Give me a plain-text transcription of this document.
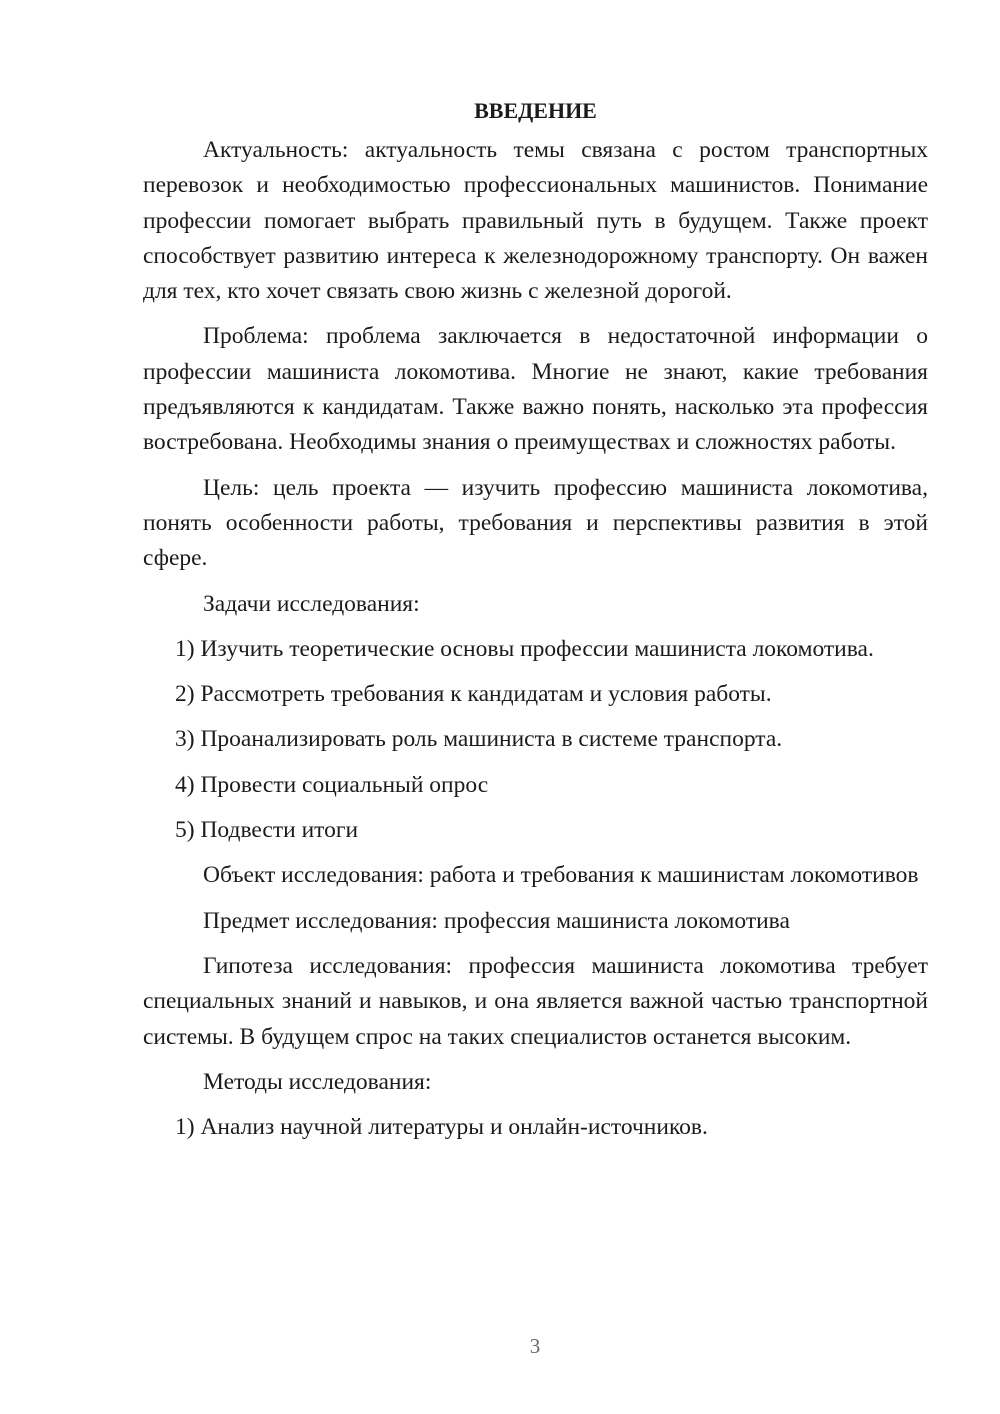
ВВЕДЕНИЕ

Актуальность: актуальность темы связана с ростом транспортных перевозок и необходимостью профессиональных машинистов. Понимание профессии помогает выбрать правильный путь в будущем. Также проект способствует развитию интереса к железнодорожному транспорту. Он важен для тех, кто хочет связать свою жизнь с железной дорогой.

Проблема: проблема заключается в недостаточной информации о профессии машиниста локомотива. Многие не знают, какие требования предъявляются к кандидатам. Также важно понять, насколько эта профессия востребована. Необходимы знания о преимуществах и сложностях работы.

Цель: цель проекта — изучить профессию машиниста локомотива, понять особенности работы, требования и перспективы развития в этой сфере.

Задачи исследования:
1) Изучить теоретические основы профессии машиниста локомотива.
2) Рассмотреть требования к кандидатам и условия работы.
3) Проанализировать роль машиниста в системе транспорта.
4) Провести социальный опрос
5) Подвести итоги

Объект исследования: работа и требования к машинистам локомотивов

Предмет исследования: профессия машиниста локомотива

Гипотеза исследования: профессия машиниста локомотива требует специальных знаний и навыков, и она является важной частью транспортной системы. В будущем спрос на таких специалистов останется высоким.

Методы исследования:
1) Анализ научной литературы и онлайн-источников.
3
